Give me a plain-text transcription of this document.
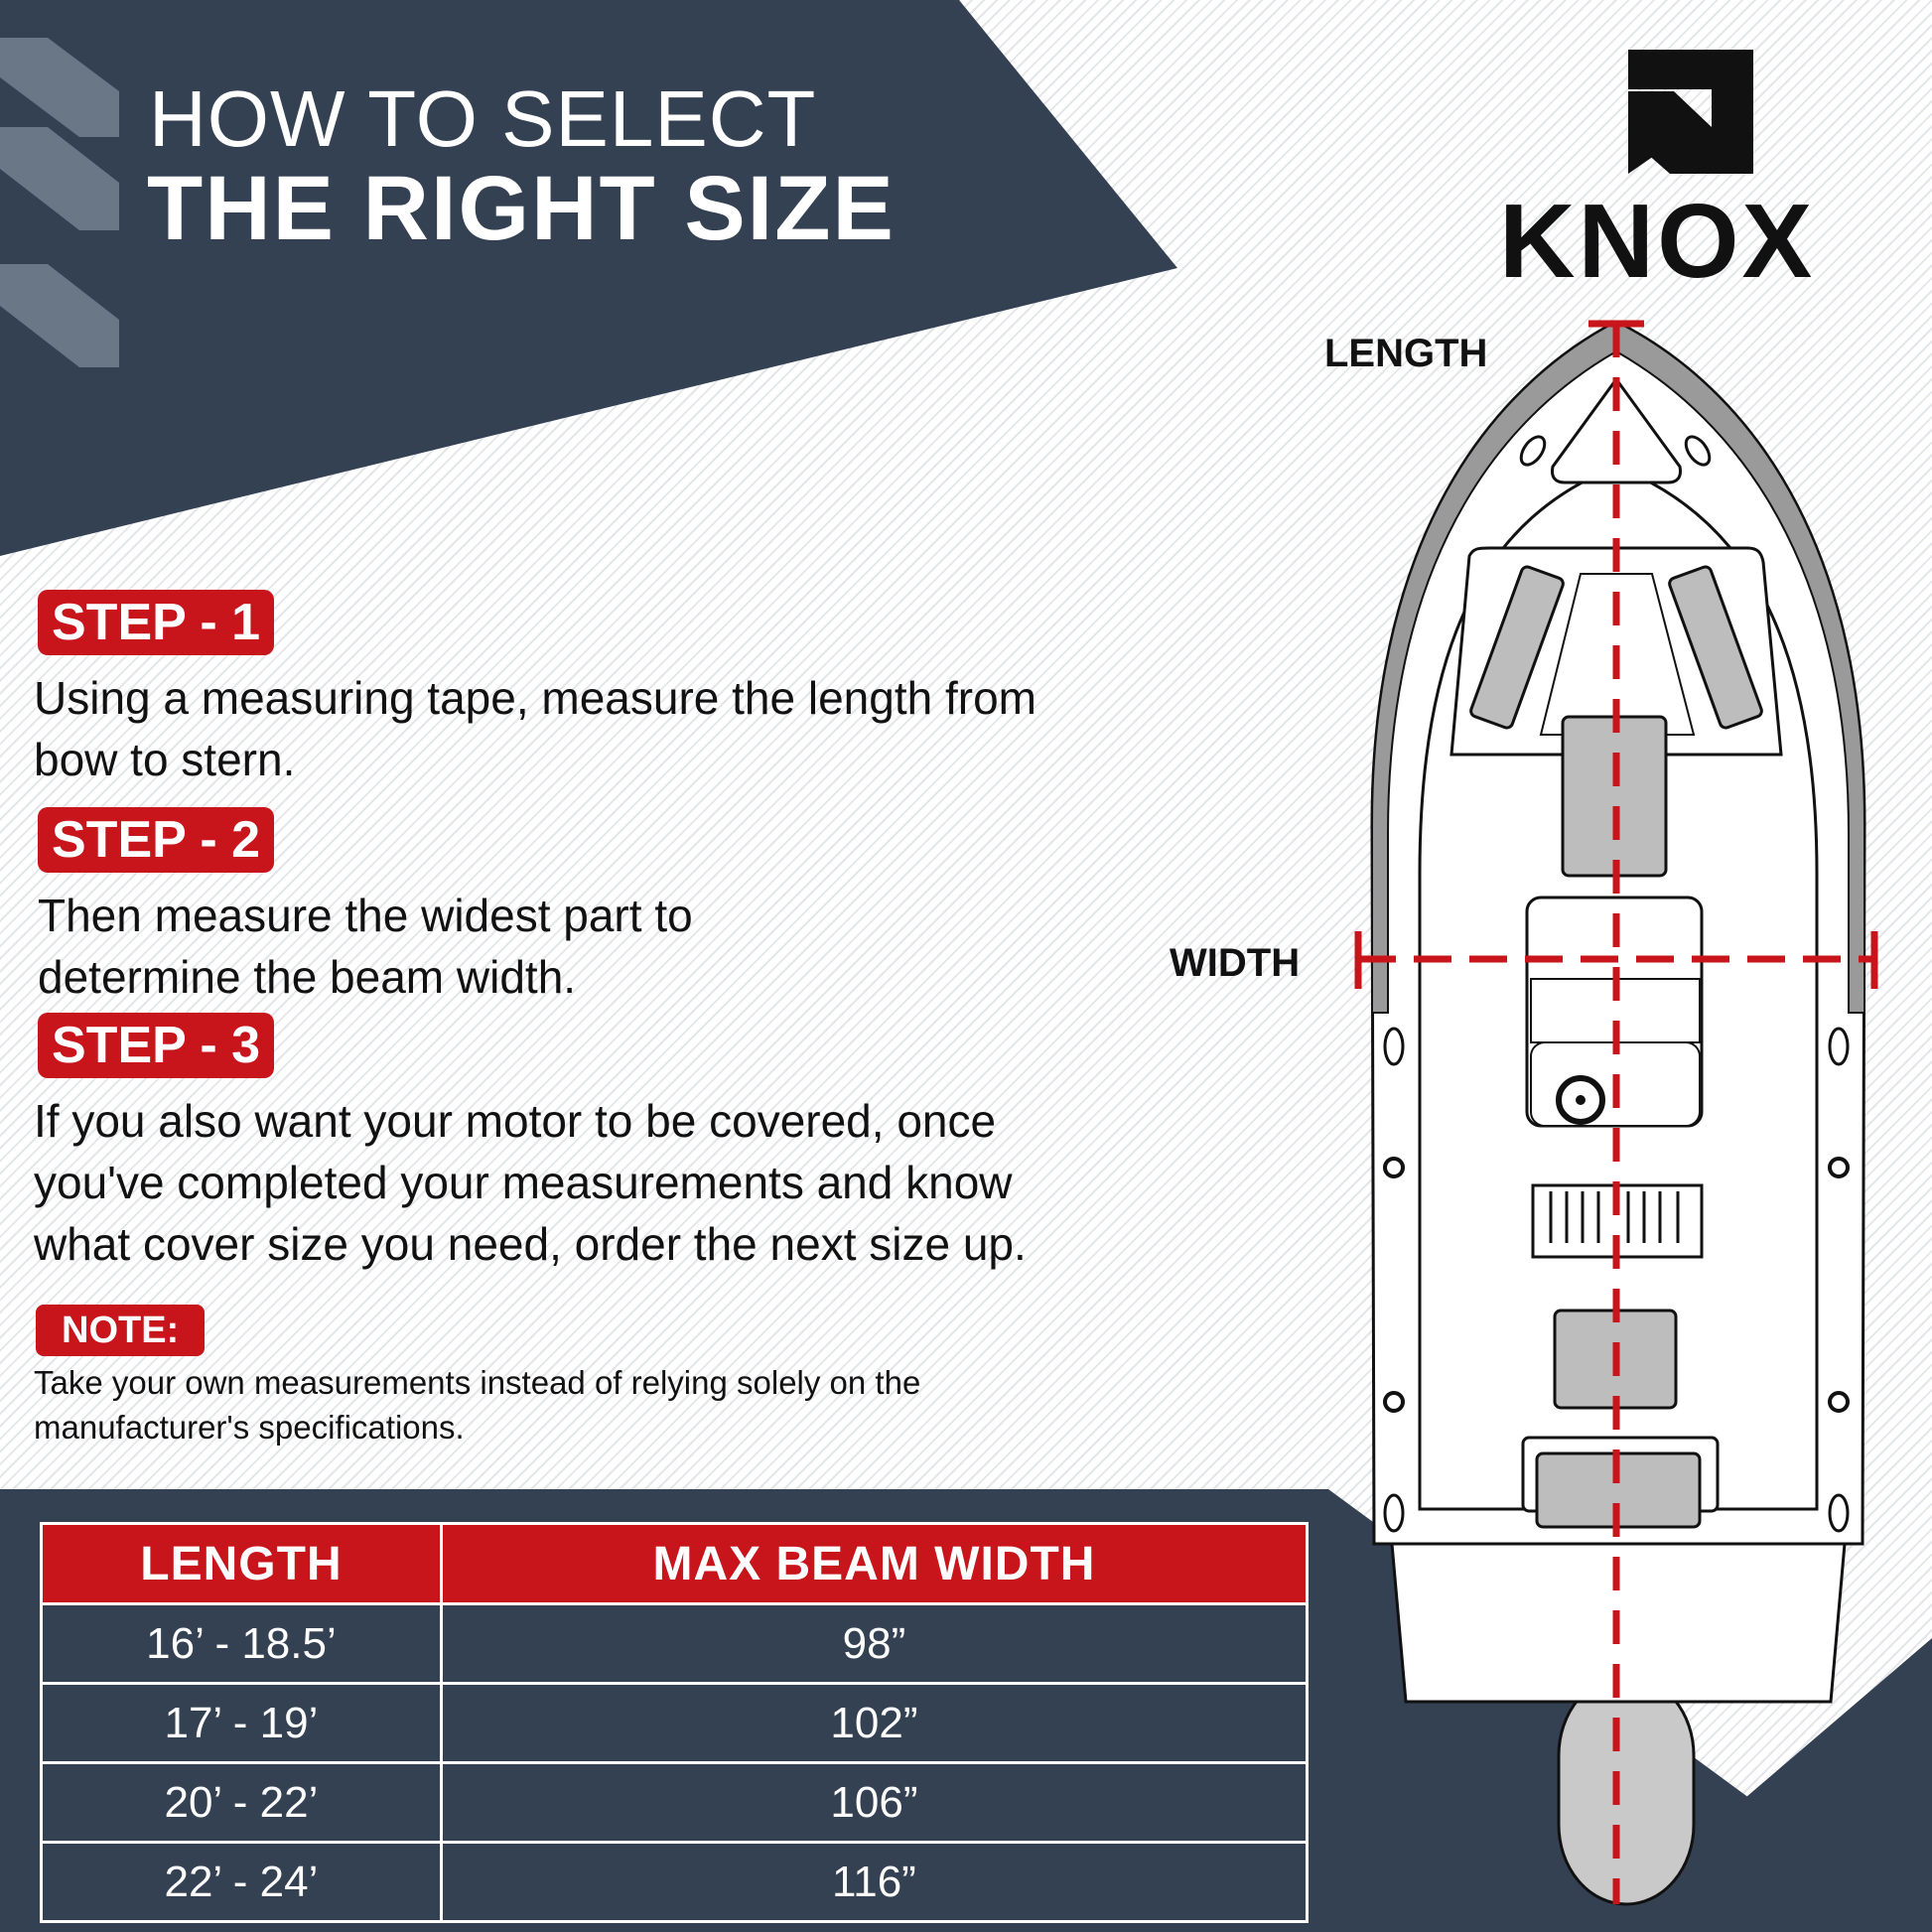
HOW TO SELECT
THE RIGHT SIZE	KNOX
STEP - 1
Using a measuring tape, measure the length from
bow to stern.
STEP - 2
Then measure the widest part to
determine the beam width.
STEP - 3
If you also want your motor to be covered, once
you've completed your measurements and know
what cover size you need, order the next size up.
NOTE:
Take your own measurements instead of relying solely on the
manufacturer's specifications.
LENGTH	MAX BEAM WIDTH
16’ - 18.5’	98”
17’ - 19’	102”
20’ - 22’	106”
22’ - 24’	116”
LENGTH
WIDTH
